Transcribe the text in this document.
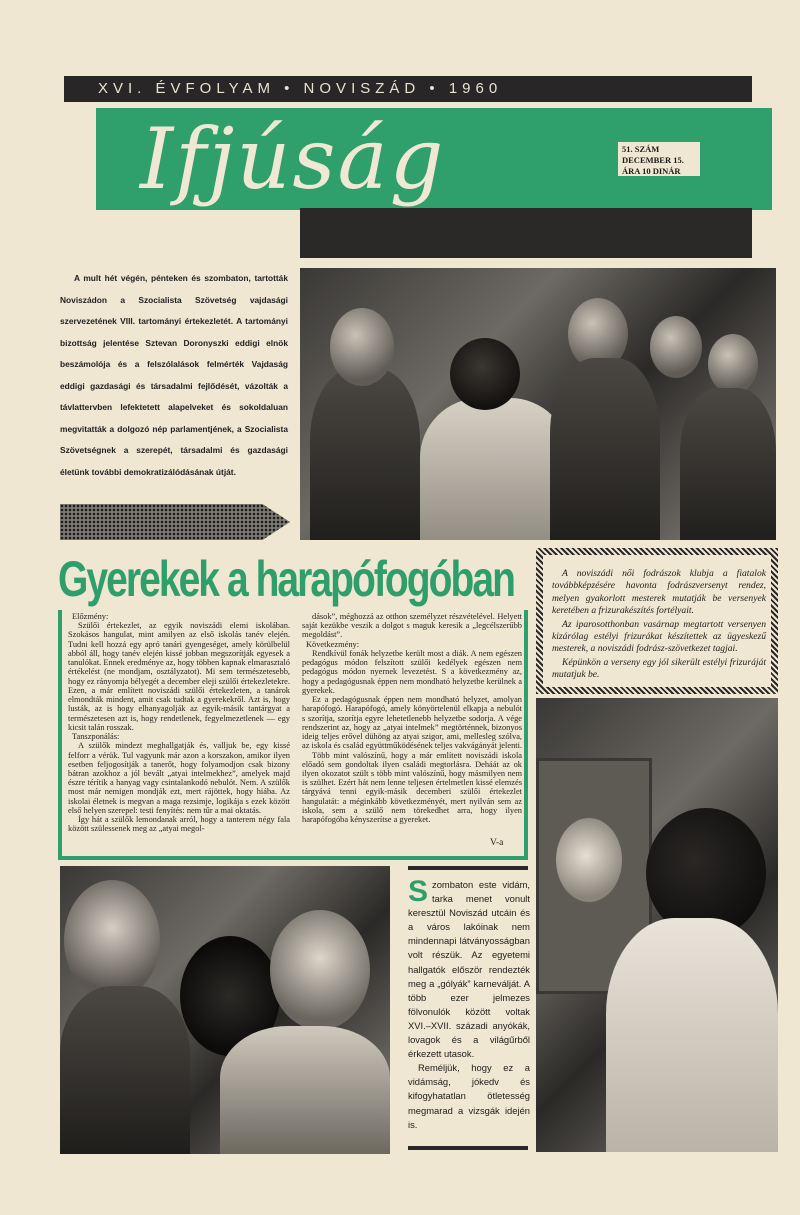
XVI. ÉVFOLYAM • NOVISZÁD • 1960
Ifjúság	51. SZÁM
DECEMBER 15.
ÁRA 10 DINÁR
A mult hét végén, pénteken és szombaton, tartották Noviszádon a Szocialista Szövetség vajdasági szervezetének VIII. tartományi értekezletét. A tartományi bizottság jelentése Sztevan Doronyszki eddigi elnök beszámolója és a felszólalások felmérték Vajdaság eddigi gazdasági és társadalmi fejlődését, vázolták a távlattervben lefektetett alapelveket és sokoldaluan megvitatták a dolgozó nép parlamentjének, a Szocialista Szövetségnek a szerepét, társadalmi és gazdasági életünk további demokratizálódásának útját.
Gyerekek a harapófogóban

Előzmény:

Szülői értekezlet, az egyik noviszádi elemi iskolában. Szokásos hangulat, mint amilyen az első iskolás tanév elején. Tudni kell hozzá egy apró tanári gyengeséget, amely körülbelül abból áll, hogy tanév elején kissé jobban megszorítják egyesek a tanulókat. Ennek eredménye az, hogy többen kapnak elmarasztaló értékelést (ne mondjam, osztályzatot). Mi sem természetesebb, hogy ez rányomja bélyegét a december eleji szülői értekezletekre. Ezen, a már említett noviszádi szülői értekezleten, a tanárok elmondták mindent, amit csak tudtak a gyerekekről. Azt is, hogy lusták, az is hogy elhanyagolják az egyik-másik tantárgyat a természetesen azt is, hogy rendetlenek, fegyelmezetlenek — egy kicsit talán rosszak.

Tanszponálás:

A szülők mindezt meghallgatják és, valljuk be, egy kissé felforr a vérük. Tul vagyunk már azon a korszakon, amikor ilyen esetben feljogosítják a tanerőt, hogy folyamodjon csak bizony bátran azokhoz a jól bevált „atyai intelmekhez”, amelyek majd észre térítik a hanyag vagy csintalankodó nebulót. Nem. A szülők most már nemigen mondják ezt, mert rájöttek, hogy hiába. Az iskolai életnek is megvan a maga rezsimje, logikája s ezek között első helyen szerepel: testi fenyítés: nem tűr a mai oktatás.

Így hát a szülők lemondanak arról, hogy a tanterem négy fala között szülessenek meg az „atyai megol-

dások”, méghozzá az otthon személyzet részvételével. Helyett saját kezükbe veszik a dolgot s maguk keresik a „legcélszerűbb megoldást”.

Következmény:

Rendkívül fonák helyzetbe került most a diák. A nem egészen pedagógus módon felszított szülői kedélyek egészen nem pedagógus módon nyernek levezetést. S a következmény az, hogy a pedagógusnak éppen nem mondható helyzetbe kerülnek a gyerekek.

Ez a pedagógusnak éppen nem mondható helyzet, amolyan harapófogó. Harapófogó, amely könyörtelenül elkapja a nebulót s szorítja, szorítja egyre lehetetlenebb helyzetbe sodorja. A vége rendszerint az, hogy az „atyai intelmek” megtörténnek, bizonyos ideig teljes erővel dühöng az atyai szigor, ami, mellesleg szólva, az iskola és család együttműködésének teljes vakvágányát jelenti.

Több mint valószínű, hogy a már említett noviszádi iskola előadó sem gondoltak ilyen családi megtorlásra. Deháát az ok ilyen okozatot szült s több mint valószínű, hogy másmilyen nem is szülhet. Ezért hát nem lenne teljesen értelmetlen kissé elemzés tárgyává tenni egyik-másik decemberi szülői értekezlet hangulatát: a méginkább következményét, mert nyilván sem az iskola, sem a szülő nem törekedhet arra, hogy ilyen harapófogóba kényszerítse a gyereket.

V-a

A noviszádi női fodrászok klubja a fiatalok továbbképzésére havonta fodrászversenyt rendez, melyen gyakorlott mesterek mutatják be versenyek keretében a frizurakészítés fortélyait.

Az iparosotthonban vasárnap megtartott versenyen kizárólag estélyi frizurákat készítettek az ügyeskezű mesterek, a noviszádi fodrász-szövetkezet tagjai.

Képünkön a verseny egy jól sikerült estélyi frizuráját mutatjuk be.

Szombaton este vidám, tarka menet vonult keresztül Noviszád utcáin és a város lakóinak nem mindennapi látványosságban volt részük. Az egyetemi hallgatók először rendezték meg a „gólyák” karneválját. A több ezer jelmezes fölvonulók között voltak XVI.–XVII. századi anyókák, lovagok és a világűrből érkezett utasok.

Reméljük, hogy ez a vidámság, jókedv és kifogyhatatlan ötletesség megmarad a vizsgák idején is.
